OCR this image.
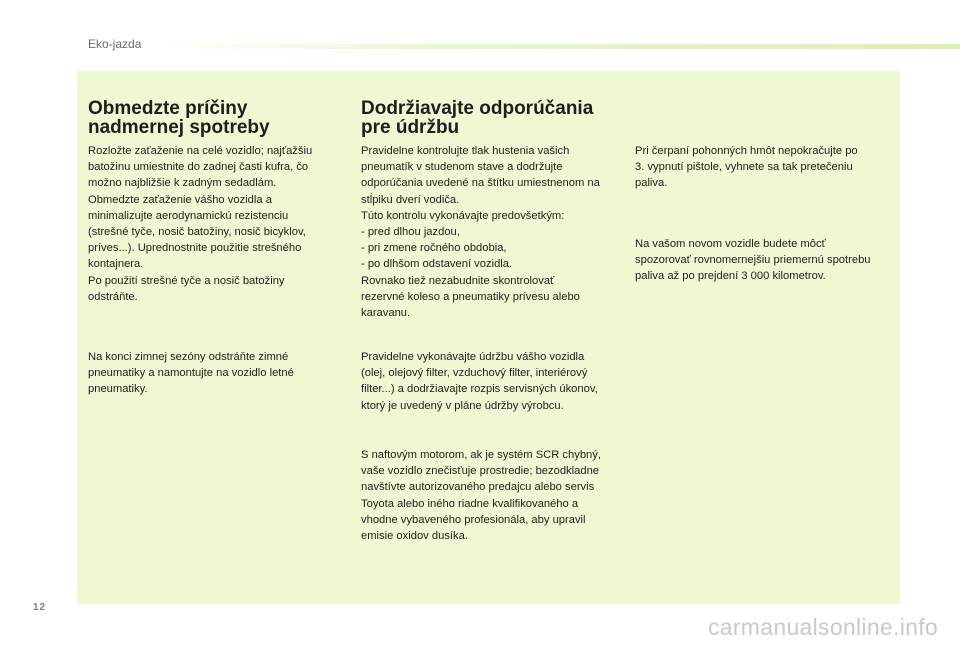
Eko-jazda
Obmedzte príčiny
nadmernej spotreby

Rozložte zaťaženie na celé vozidlo; najťažšiu
batožinu umiestnite do zadnej časti kufra, čo
možno najbližšie k zadným sedadlám.
Obmedzte zaťaženie vášho vozidla a
minimalizujte aerodynamickú rezistenciu
(strešné tyče, nosič batožiny, nosič bicyklov,
prívеs...). Uprednostnite použitie strešného
kontajnera.
Po použití strešné tyče a nosič batožiny
odstráňte.

Na konci zimnej sezóny odstráňte zimné
pneumatiky a namontujte na vozidlo letné
pneumatiky.

Dodržiavajte odporúčania
pre údržbu

Pravidelne kontrolujte tlak hustenia vašich
pneumatík v studenom stave a dodržujte
odporúčania uvedené na štítku umiestnenom na
stĺpiku dverí vodiča.
Túto kontrolu vykonávajte predovšetkým:
- pred dlhou jazdou,
- pri zmene ročného obdobia,
- po dlhšom odstavení vozidla.
Rovnako tiež nezabudnite skontrolovať
rezervné koleso a pneumatiky prívesu alebo
karavanu.

Pravidelne vykonávajte údržbu vášho vozidla
(olej, olejový filter, vzduchový filter, interiérový
filter...) a dodržiavajte rozpis servisných úkonov,
ktorý je uvedený v pláne údržby výrobcu.

S naftovým motorom, ak je systém SCR chybný,
vaše vozidlo znečisťuje prostredie; bezodkladne
navštívte autorizovaného predajcu alebo servis
Toyota alebo iného riadne kvalifikovaného a
vhodne vybaveného profesionála, aby upravil
emisie oxidov dusíka.

Pri čerpaní pohonných hmôt nepokračujte po
3. vypnutí pištole, vyhnete sa tak pretečeniu
paliva.

Na vašom novom vozidle budete môcť
spozorovať rovnomernejšiu priemernú spotrebu
paliva až po prejdení 3 000 kilometrov.

12
carmanualsonline.info
